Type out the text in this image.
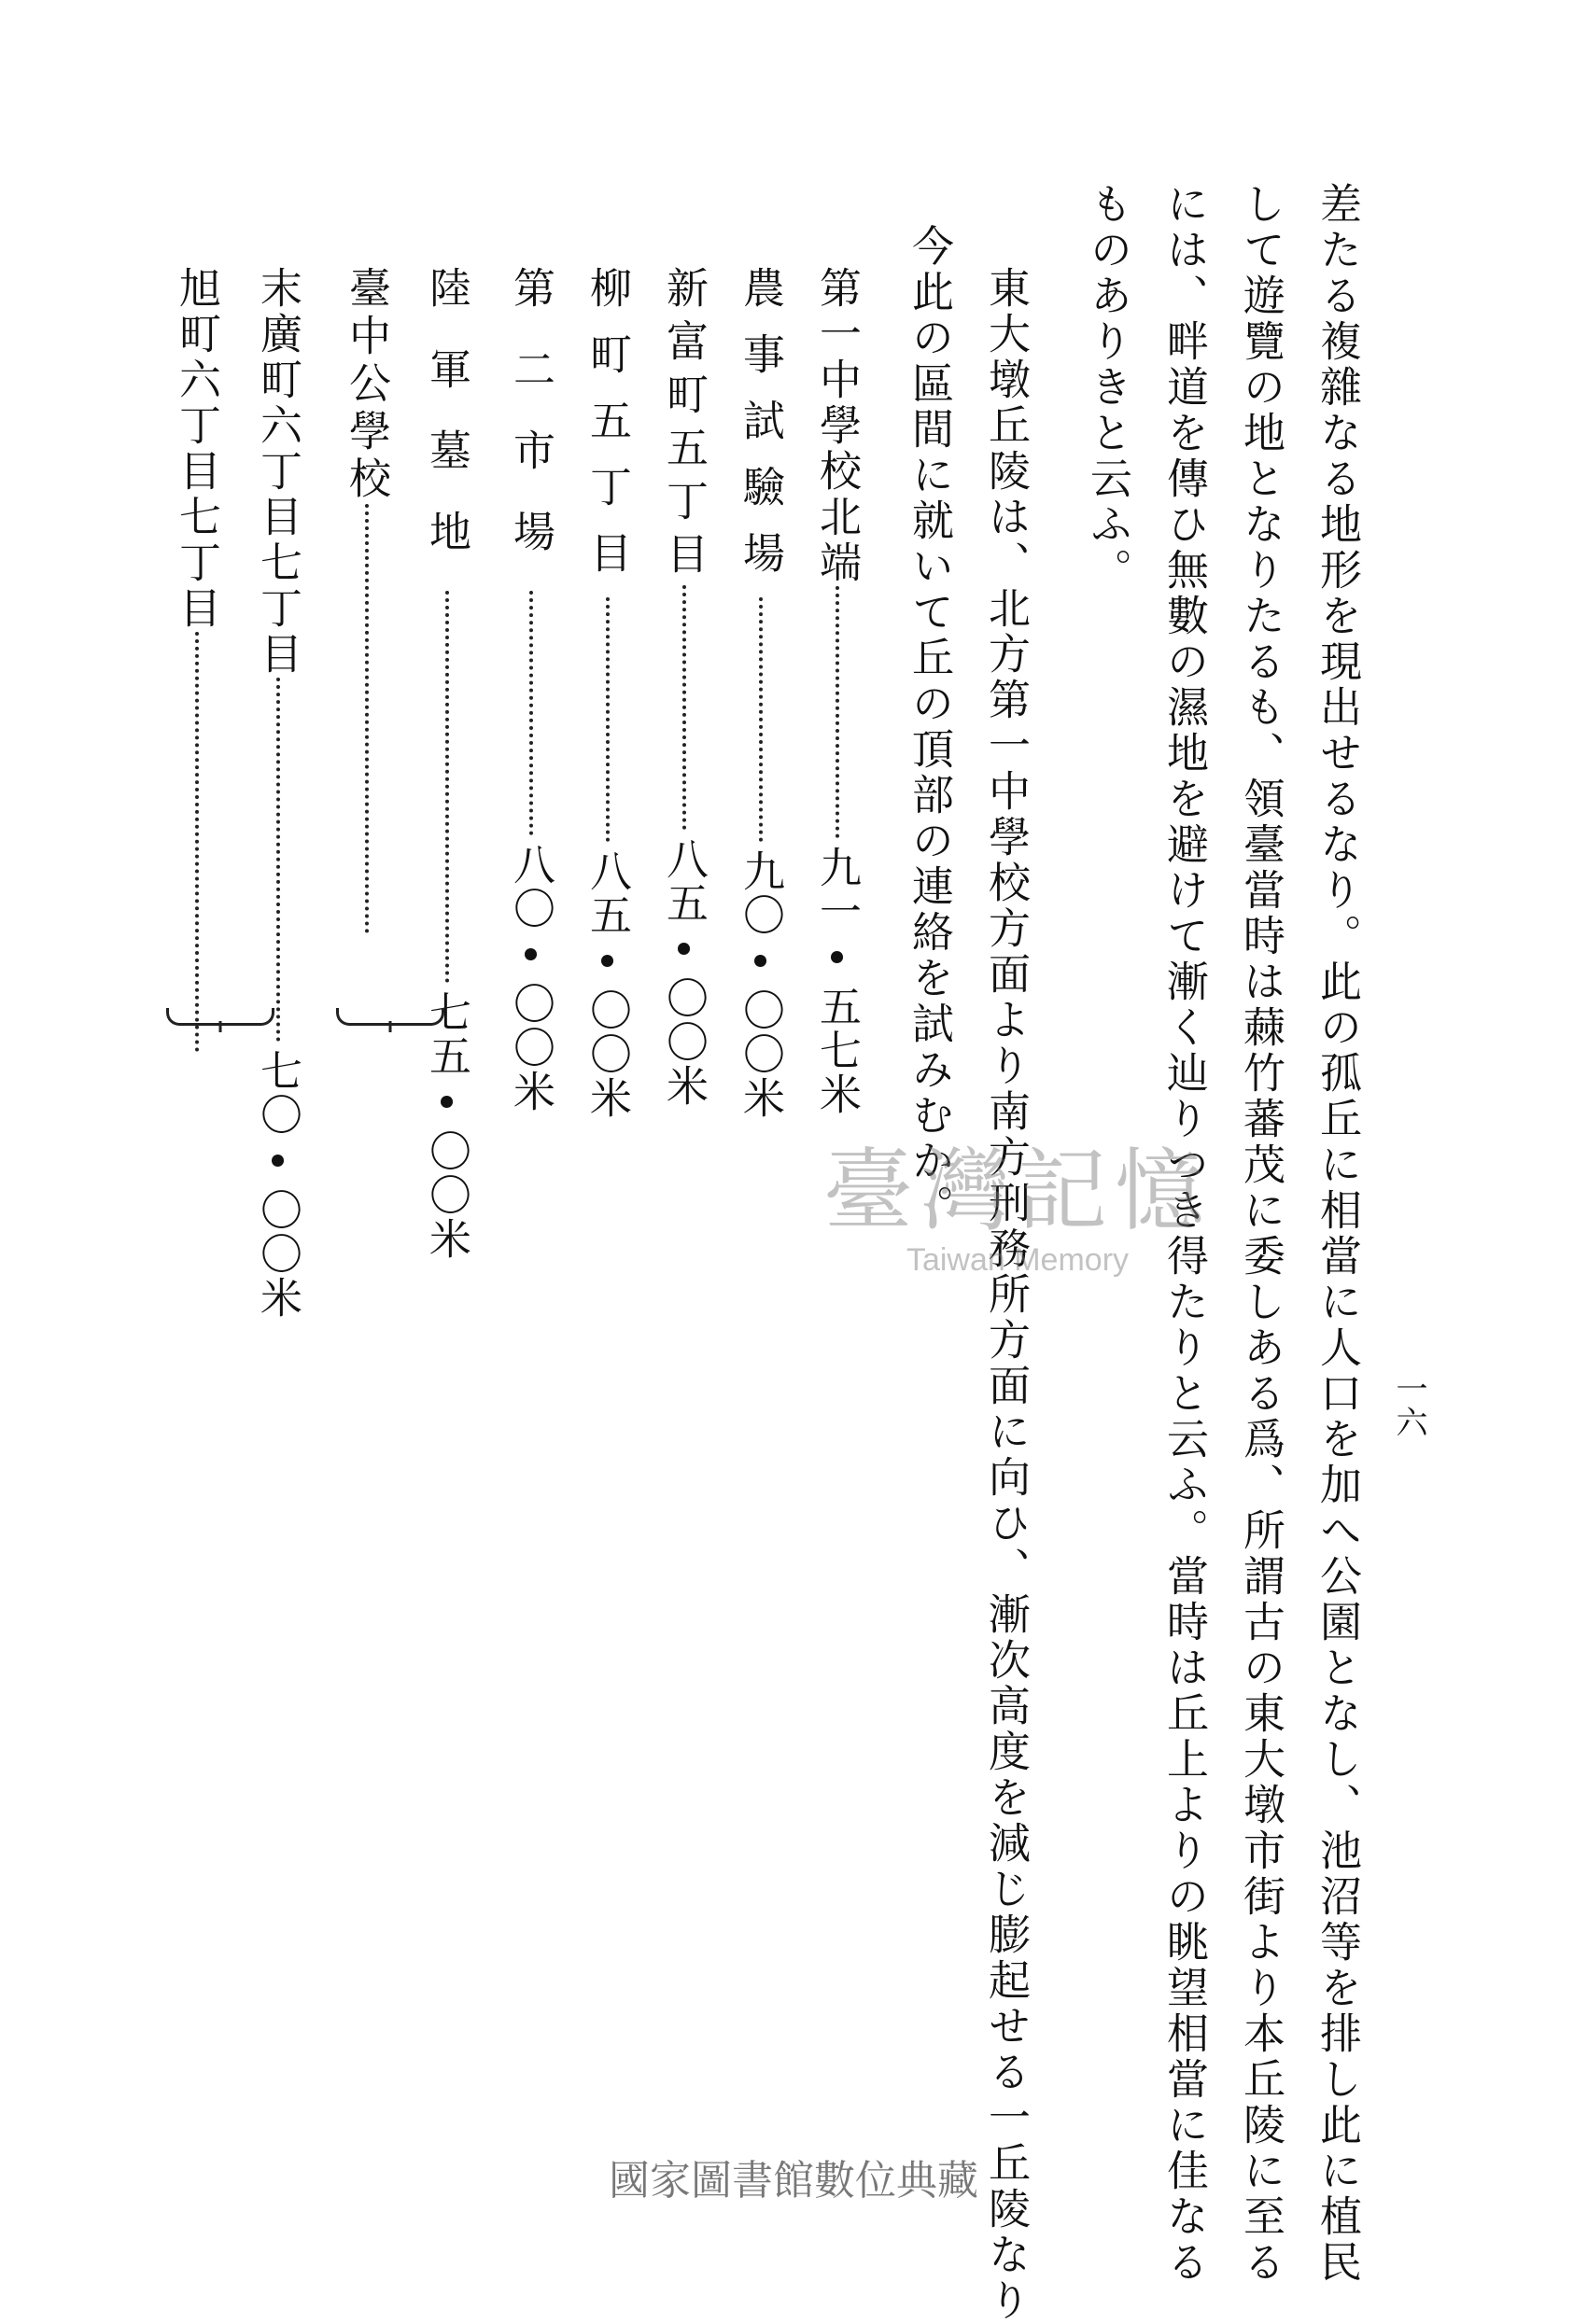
一六
差たる複雜なる地形を現出せるなり。此の孤丘に相當に人口を加へ公園となし、池沼等を排し此に植民
して遊覽の地となりたるも、領臺當時は蕀竹蕃茂に委しある爲、所謂古の東大墩市街より本丘陵に至る
には、畔道を傳ひ無數の濕地を避けて漸く辿りつき得たりと云ふ。當時は丘上よりの眺望相當に佳なる
ものありきと云ふ。
東大墩丘陵は、北方第一中學校方面より南方刑務所方面に向ひ、漸次高度を減じ膨起せる一丘陵なり
今此の區間に就いて丘の頂部の連絡を試みむか。
第一中學校北端
九一•五七米
農事試驗場
九〇•〇〇米
新富町五丁目
八五•〇〇米
柳町五丁目
八五•〇〇米
第二市場
八〇•〇〇米
陸軍墓地
七五•〇〇米
臺中公學校
末廣町六丁目七丁目
七〇•〇〇米
旭町六丁目七丁目
臺灣記憶
Taiwan Memory
國家圖書館數位典藏
